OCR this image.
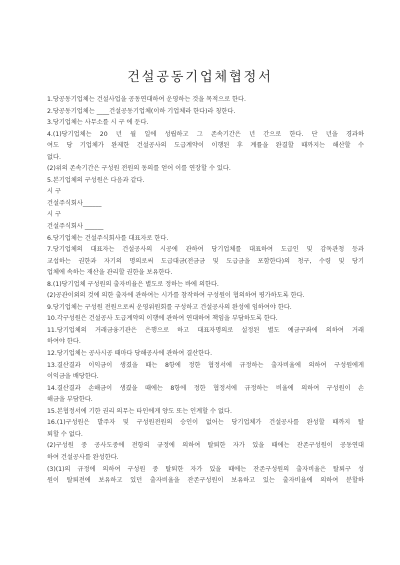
건설공동기업체협정서
1.당공동기업체는 건설사업을 공동연대하여 운영하는 것을 목적으로 한다.
2.당공동기업체는 ____건설공동기업체(이하 기업체라 한다)라 칭한다.
3.당기업체는 사무소를 시 구 에 둔다.
4.(1)당기업체는 20 년 월 일에 성립하고 그 존속기간은 년 간으로 한다. 단 년을 경과하
여도 당 기업체가 완제한 건설공사의 도급계약이 이행된 후 계률을 완결할 때까지는 해산할 수
없다.
(2)위의 존속기간은 구성원 전원의 동의를 얻어 이를 연장할 수 있다.
5.본기업체의 구성원은 다음과 같다.
시 구
건설주식회사______
시 구
건설주식회사 ______
6.당기업체는 건설주식회사를 대표자로 한다.
7.당기업체의 대표자는 건설공사의 시공에 관하여 당기업체를 대표하여 도급인 및 감독관청 등과
교섭하는 권한과 자기의 명의로써 도급대금(전금금 및 도급금을 포함한다)의 청구, 수령 및 당기
업체에 속하는 재산을 관리할 권한을 보유한다.
8.(1)당기업체 구성원의 출자비율은 별도로 정하는 바에 의한다.
(2)공관이외의 것에 의한 출자에 관하여는 시가를 참작하여 구성원이 협의하여 평가하도록 한다.
9.당기업체는 구성원 전원으로써 운영위원회를 구성하고 건설공사의 완성에 임하여야 한다.
10.각구성원은 건설공사 도급계약의 이행에 관하여 연대하여 책임을 부담하도록 한다.
11.당기업체의 거래금융기관은 은행으로 하고 대표자명의로 설정된 별도 예금구좌에 의하여 거래
하여야 한다.
12.당기업체는 공사시공 때마다 당해공사에 관하여 결산한다.
13.결산결과 이익금이 생겼을 때는 8항에 정한 협정서에 규정하는 출자비율에 의하여 구성원에게
이익금을 배당한다.
14.결산결과 손해금이 생겼을 때에는 8항에 정한 협정서에 규정하는 비율에 의하여 구성원이 손
해금을 부담한다.
15.본협정서에 기한 권리 의무는 타인에게 양도 또는 인계할 수 없다.
16.(1)구성원은 발주자 및 구성원전원의 승인이 없어는 당기업체가 건설공사를 완성할 때까지 탈
퇴할 수 없다.
(2)구성원 중 공사도중에 전항의 규정에 의하여 탈퇴한 자가 있을 때에는 잔존구성원이 공동연대
하여 건설공사를 완성한다.
(3)(1)의 규정에 의하여 구성원 중 탈퇴한 자가 있을 때에는 잔존구성원의 출자비율은 탈퇴구 성
원이 탈퇴전에 보유하고 있던 출자비율을 잔존구성원이 보유하고 있는 출자비율에 의하여 분할하
